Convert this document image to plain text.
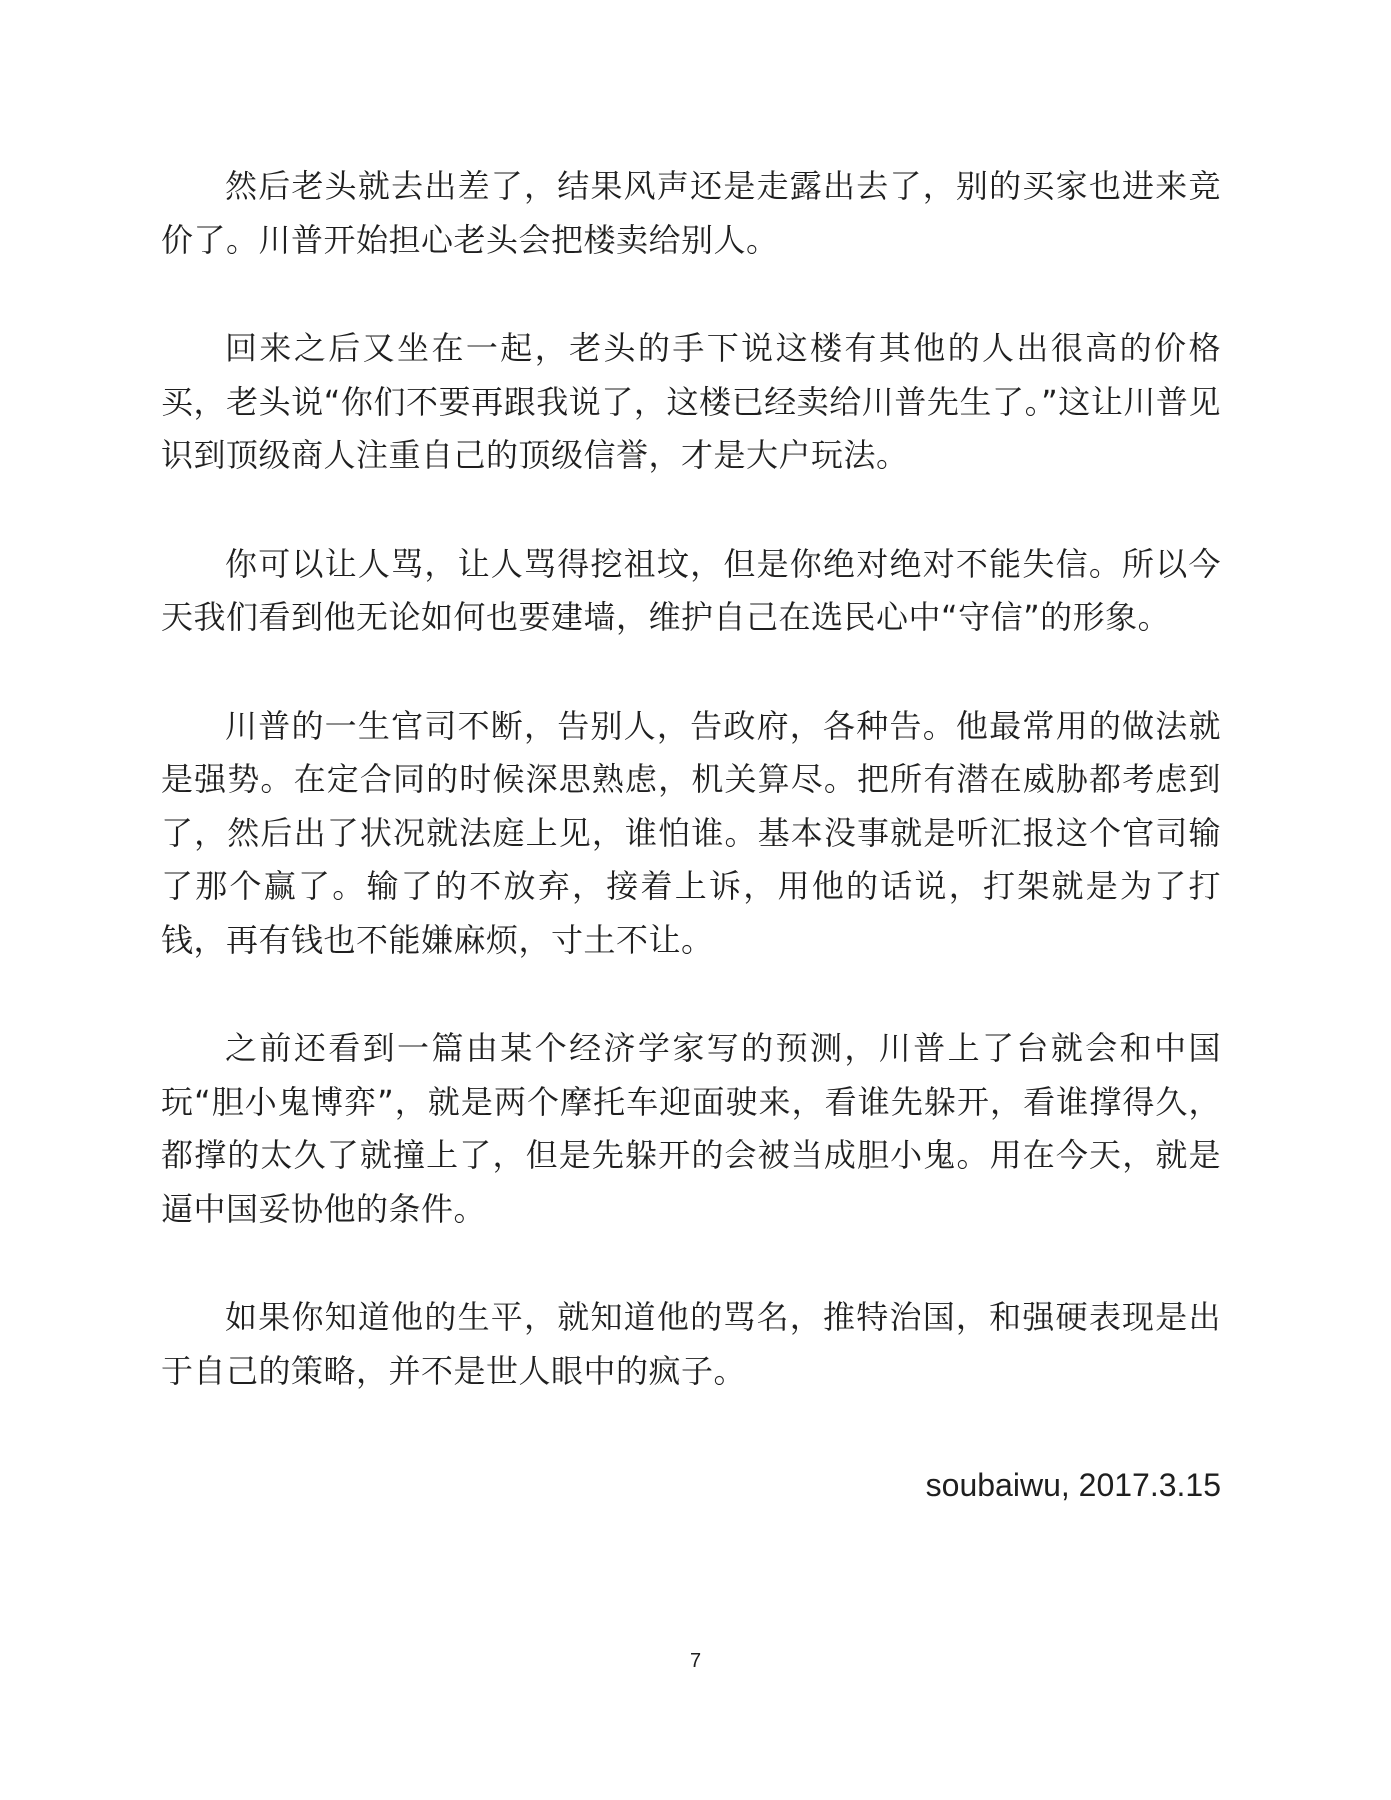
然后老头就去出差了，结果风声还是走露出去了，别的买家也进来竞价了。川普开始担心老头会把楼卖给别人。

回来之后又坐在一起，老头的手下说这楼有其他的人出很高的价格买，老头说“你们不要再跟我说了，这楼已经卖给川普先生了。”这让川普见识到顶级商人注重自己的顶级信誉，才是大户玩法。

你可以让人骂，让人骂得挖祖坟，但是你绝对绝对不能失信。所以今天我们看到他无论如何也要建墙，维护自己在选民心中“守信”的形象。

川普的一生官司不断，告别人，告政府，各种告。他最常用的做法就是强势。在定合同的时候深思熟虑，机关算尽。把所有潜在威胁都考虑到了，然后出了状况就法庭上见，谁怕谁。基本没事就是听汇报这个官司输了那个赢了。输了的不放弃，接着上诉，用他的话说，打架就是为了打钱，再有钱也不能嫌麻烦，寸土不让。

之前还看到一篇由某个经济学家写的预测，川普上了台就会和中国玩“胆小鬼博弈”，就是两个摩托车迎面驶来，看谁先躲开，看谁撑得久，都撑的太久了就撞上了，但是先躲开的会被当成胆小鬼。用在今天，就是逼中国妥协他的条件。

如果你知道他的生平，就知道他的骂名，推特治国，和强硬表现是出于自己的策略，并不是世人眼中的疯子。

soubaiwu, 2017.3.15
7
